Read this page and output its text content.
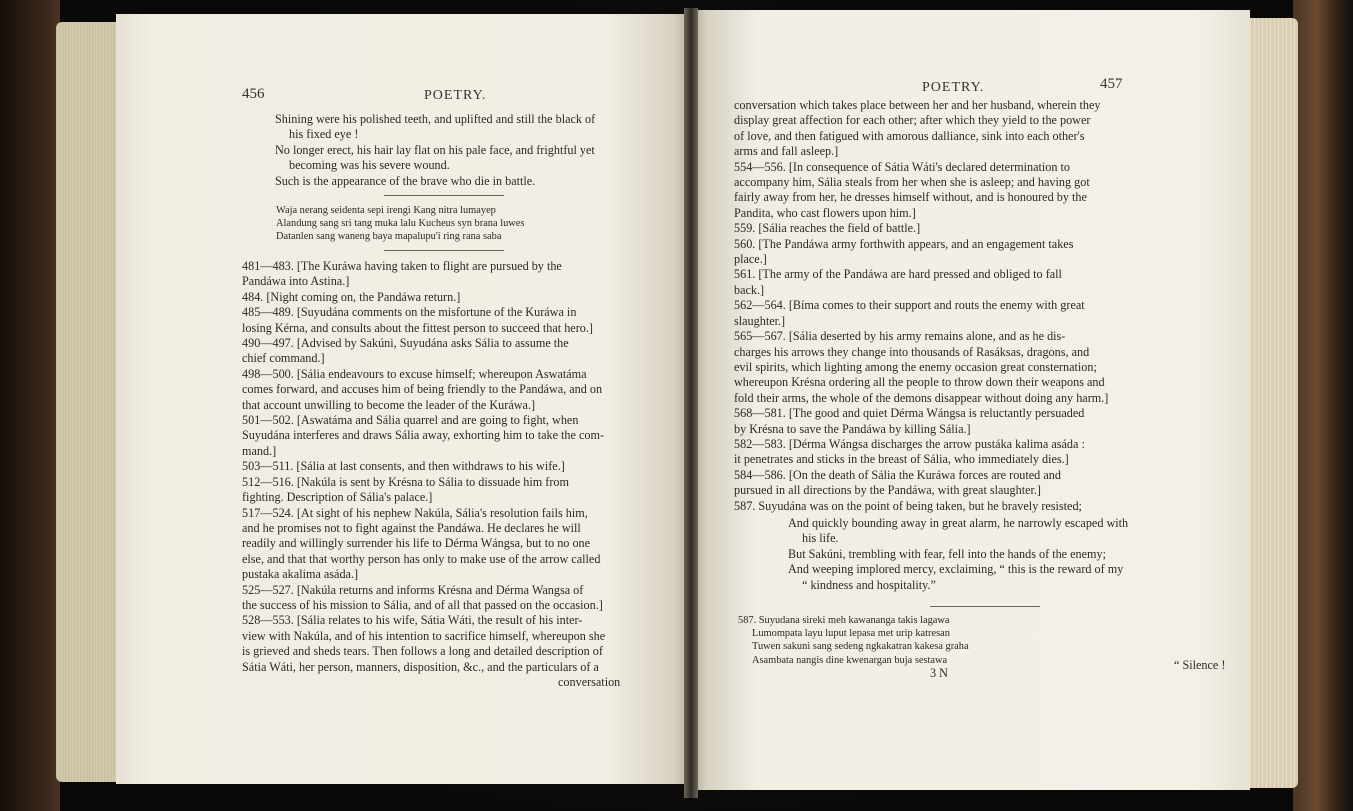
456	POETRY.

Shining were his polished teeth, and uplifted and still the black of

his fixed eye !

No longer erect, his hair lay flat on his pale face, and frightful yet

becoming was his severe wound.

Such is the appearance of the brave who die in battle.

Waja nerang seidenta sepi irengi Kang nitra lumayep

Alandung sang sri tang muka lalu Kucheus syn brana luwes

Datanlen sang waneng baya mapalupu'i ring rana saba

481—483. [The Kuráwa having taken to flight are pursued by the

Pandáwa into Astina.]

484. [Night coming on, the Pandáwa return.]

485—489. [Suyudána comments on the misfortune of the Kuráwa in

losing Kérna, and consults about the fittest person to succeed that hero.]

490—497. [Advised by Sakúni, Suyudána asks Sália to assume the

chief command.]

498—500. [Sália endeavours to excuse himself; whereupon Aswatáma

comes forward, and accuses him of being friendly to the Pandáwa, and on

that account unwilling to become the leader of the Kuráwa.]

501—502. [Aswatáma and Sália quarrel and are going to fight, when

Suyudána interferes and draws Sália away, exhorting him to take the com-

mand.]

503—511. [Sália at last consents, and then withdraws to his wife.]

512—516. [Nakúla is sent by Krésna to Sália to dissuade him from

fighting. Description of Sália's palace.]

517—524. [At sight of his nephew Nakúla, Sália's resolution fails him,

and he promises not to fight against the Pandáwa. He declares he will

readily and willingly surrender his life to Dérma Wángsa, but to no one

else, and that that worthy person has only to make use of the arrow called

pustaka akalima asáda.]

525—527. [Nakúla returns and informs Krésna and Dérma Wangsa of

the success of his mission to Sália, and of all that passed on the occasion.]

528—553. [Sália relates to his wife, Sátia Wáti, the result of his inter-

view with Nakúla, and of his intention to sacrifice himself, whereupon she

is grieved and sheds tears. Then follows a long and detailed description of

Sátia Wáti, her person, manners, disposition, &c., and the particulars of a

conversation
POETRY.	457

conversation which takes place between her and her husband, wherein they

display great affection for each other; after which they yield to the power

of love, and then fatigued with amorous dalliance, sink into each other's

arms and fall asleep.]

554—556. [In consequence of Sátia Wáti's declared determination to

accompany him, Sália steals from her when she is asleep; and having got

fairly away from her, he dresses himself without, and is honoured by the

Pandita, who cast flowers upon him.]

559. [Sália reaches the field of battle.]

560. [The Pandáwa army forthwith appears, and an engagement takes

place.]

561. [The army of the Pandáwa are hard pressed and obliged to fall

back.]

562—564. [Bíma comes to their support and routs the enemy with great

slaughter.]

565—567. [Sália deserted by his army remains alone, and as he dis-

charges his arrows they change into thousands of Rasáksas, dragons, and

evil spirits, which lighting among the enemy occasion great consternation;

whereupon Krésna ordering all the people to throw down their weapons and

fold their arms, the whole of the demons disappear without doing any harm.]

568—581. [The good and quiet Dérma Wángsa is reluctantly persuaded

by Krésna to save the Pandáwa by killing Sália.]

582—583. [Dérma Wángsa discharges the arrow pustáka kalima asáda :

it penetrates and sticks in the breast of Sália, who immediately dies.]

584—586. [On the death of Sália the Kuráwa forces are routed and

pursued in all directions by the Pandáwa, with great slaughter.]

587. Suyudána was on the point of being taken, but he bravely resisted;

And quickly bounding away in great alarm, he narrowly escaped with

his life.

But Sakúni, trembling with fear, fell into the hands of the enemy;

And weeping implored mercy, exclaiming, “ this is the reward of my

“ kindness and hospitality.”

587. Suyudana sireki meh kawananga takis lagawa

Lumompata layu luput lepasa met urip katresan

Tuwen sakuni sang sedeng ngkakatran kakesa graha

Asambata nangis dine kwenargan buja sestawa

3 N
“ Silence !
